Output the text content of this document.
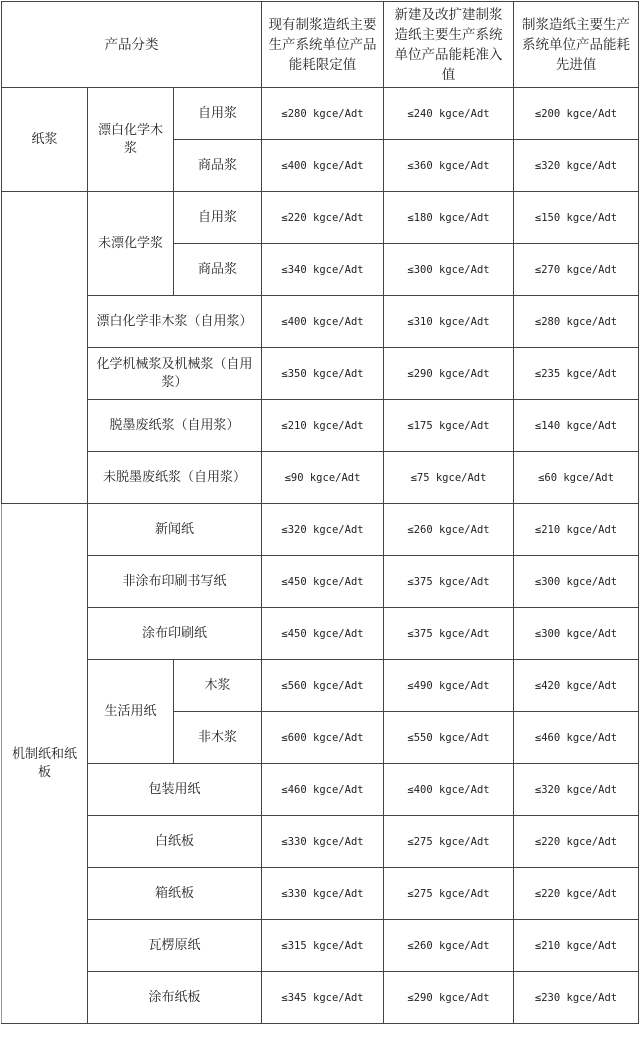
产品分类			现有制浆造纸主要生产系统单位产品能耗限定值	新建及改扩建制浆造纸主要生产系统单位产品能耗准入值	制浆造纸主要生产系统单位产品能耗先进值
纸浆	漂白化学木浆	自用浆	≤280 kgce/Adt	≤240 kgce/Adt	≤200 kgce/Adt
		商品浆	≤400 kgce/Adt	≤360 kgce/Adt	≤320 kgce/Adt
	未漂化学浆	自用浆	≤220 kgce/Adt	≤180 kgce/Adt	≤150 kgce/Adt
		商品浆	≤340 kgce/Adt	≤300 kgce/Adt	≤270 kgce/Adt
	漂白化学非木浆（自用浆）		≤400 kgce/Adt	≤310 kgce/Adt	≤280 kgce/Adt
	化学机械浆及机械浆（自用浆）		≤350 kgce/Adt	≤290 kgce/Adt	≤235 kgce/Adt
	脱墨废纸浆（自用浆）		≤210 kgce/Adt	≤175 kgce/Adt	≤140 kgce/Adt
	未脱墨废纸浆（自用浆）		≤90 kgce/Adt	≤75 kgce/Adt	≤60 kgce/Adt
机制纸和纸板	新闻纸		≤320 kgce/Adt	≤260 kgce/Adt	≤210 kgce/Adt
	非涂布印刷书写纸		≤450 kgce/Adt	≤375 kgce/Adt	≤300 kgce/Adt
	涂布印刷纸		≤450 kgce/Adt	≤375 kgce/Adt	≤300 kgce/Adt
	生活用纸	木浆	≤560 kgce/Adt	≤490 kgce/Adt	≤420 kgce/Adt
		非木浆	≤600 kgce/Adt	≤550 kgce/Adt	≤460 kgce/Adt
	包装用纸		≤460 kgce/Adt	≤400 kgce/Adt	≤320 kgce/Adt
	白纸板		≤330 kgce/Adt	≤275 kgce/Adt	≤220 kgce/Adt
	箱纸板		≤330 kgce/Adt	≤275 kgce/Adt	≤220 kgce/Adt
	瓦楞原纸		≤315 kgce/Adt	≤260 kgce/Adt	≤210 kgce/Adt
	涂布纸板		≤345 kgce/Adt	≤290 kgce/Adt	≤230 kgce/Adt
